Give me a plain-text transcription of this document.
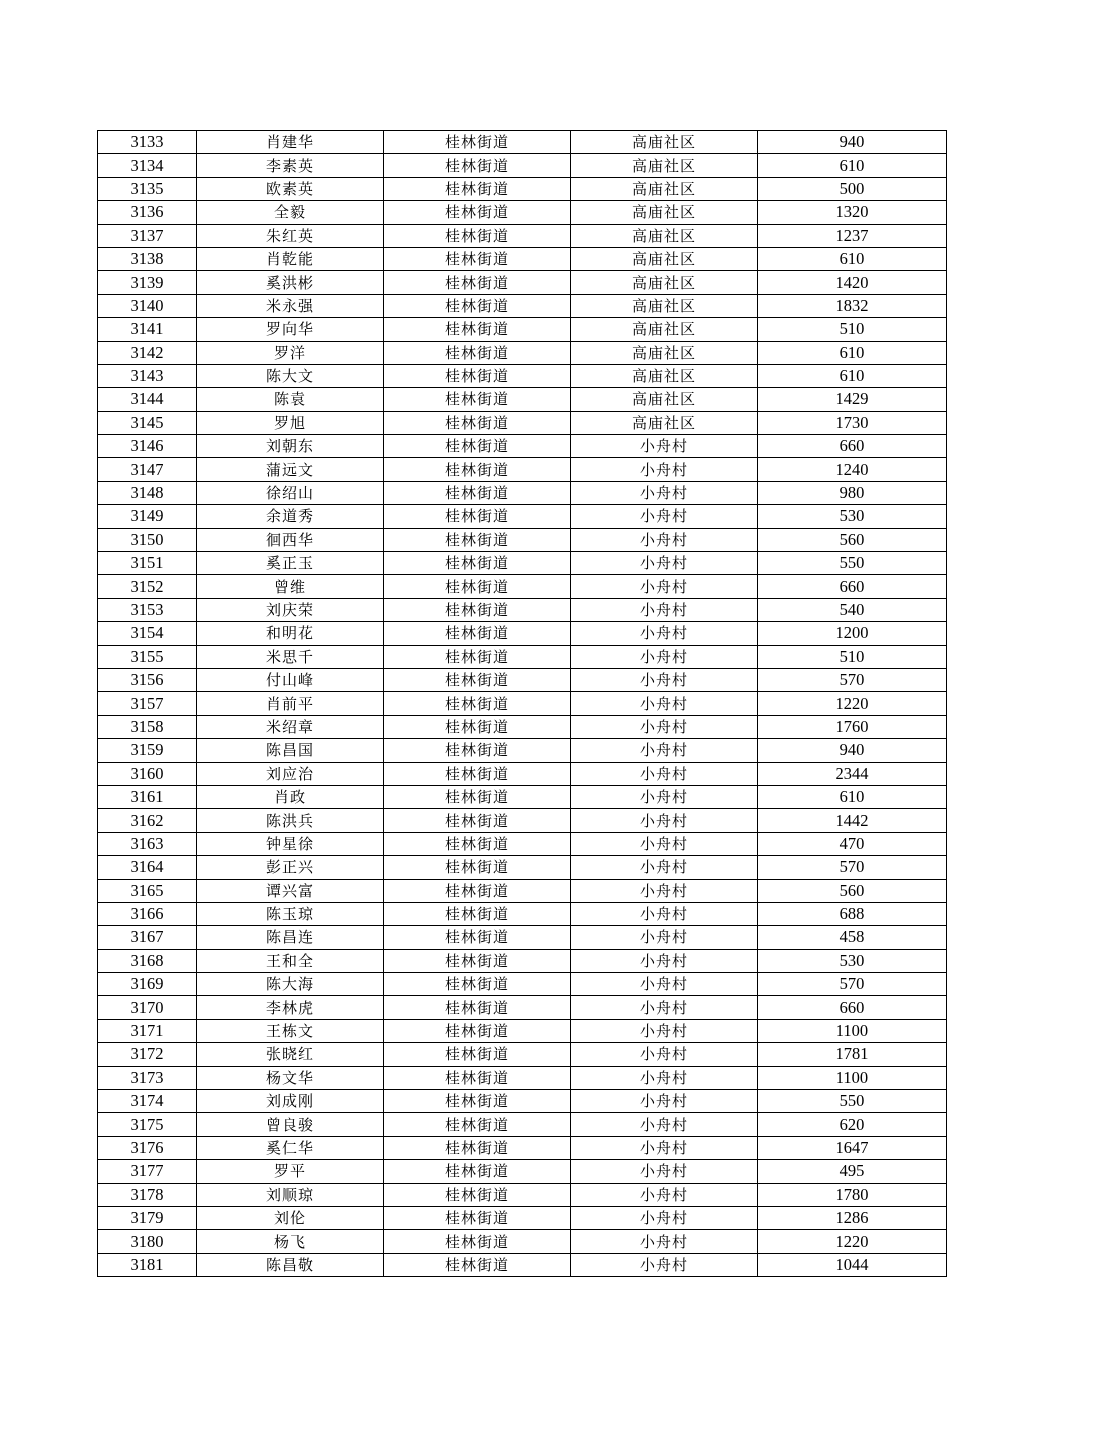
3133	肖建华	桂林街道	高庙社区	940
3134	李素英	桂林街道	高庙社区	610
3135	欧素英	桂林街道	高庙社区	500
3136	全毅	桂林街道	高庙社区	1320
3137	朱红英	桂林街道	高庙社区	1237
3138	肖乾能	桂林街道	高庙社区	610
3139	奚洪彬	桂林街道	高庙社区	1420
3140	米永强	桂林街道	高庙社区	1832
3141	罗向华	桂林街道	高庙社区	510
3142	罗洋	桂林街道	高庙社区	610
3143	陈大文	桂林街道	高庙社区	610
3144	陈袁	桂林街道	高庙社区	1429
3145	罗旭	桂林街道	高庙社区	1730
3146	刘朝东	桂林街道	小舟村	660
3147	蒲远文	桂林街道	小舟村	1240
3148	徐绍山	桂林街道	小舟村	980
3149	余道秀	桂林街道	小舟村	530
3150	徊西华	桂林街道	小舟村	560
3151	奚正玉	桂林街道	小舟村	550
3152	曾维	桂林街道	小舟村	660
3153	刘庆荣	桂林街道	小舟村	540
3154	和明花	桂林街道	小舟村	1200
3155	米思千	桂林街道	小舟村	510
3156	付山峰	桂林街道	小舟村	570
3157	肖前平	桂林街道	小舟村	1220
3158	米绍章	桂林街道	小舟村	1760
3159	陈昌国	桂林街道	小舟村	940
3160	刘应治	桂林街道	小舟村	2344
3161	肖政	桂林街道	小舟村	610
3162	陈洪兵	桂林街道	小舟村	1442
3163	钟星徐	桂林街道	小舟村	470
3164	彭正兴	桂林街道	小舟村	570
3165	谭兴富	桂林街道	小舟村	560
3166	陈玉琼	桂林街道	小舟村	688
3167	陈昌连	桂林街道	小舟村	458
3168	王和全	桂林街道	小舟村	530
3169	陈大海	桂林街道	小舟村	570
3170	李林虎	桂林街道	小舟村	660
3171	王栋文	桂林街道	小舟村	1100
3172	张晓红	桂林街道	小舟村	1781
3173	杨文华	桂林街道	小舟村	1100
3174	刘成刚	桂林街道	小舟村	550
3175	曾良骏	桂林街道	小舟村	620
3176	奚仁华	桂林街道	小舟村	1647
3177	罗平	桂林街道	小舟村	495
3178	刘顺琼	桂林街道	小舟村	1780
3179	刘伦	桂林街道	小舟村	1286
3180	杨飞	桂林街道	小舟村	1220
3181	陈昌敬	桂林街道	小舟村	1044
